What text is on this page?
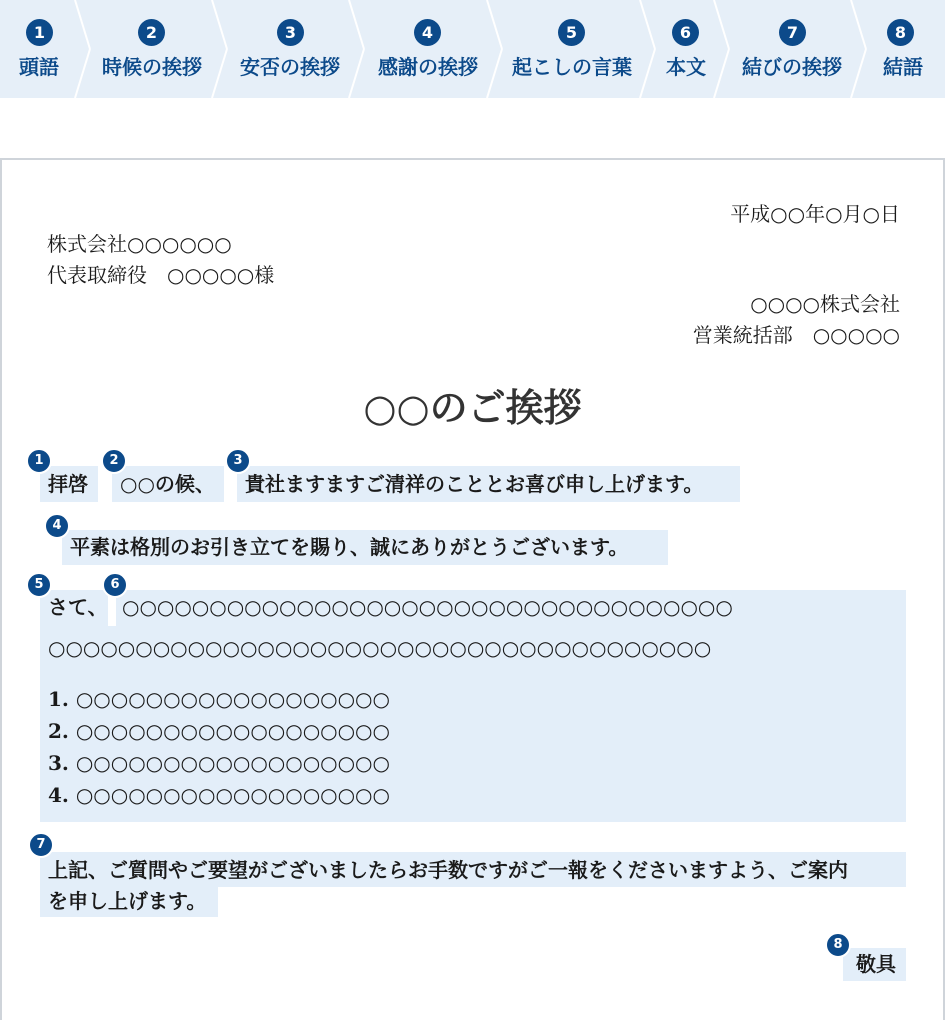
1
頭語
2
時候の挨拶
3
安否の挨拶
4
感謝の挨拶
5
起こしの言葉
6
本文
7
結びの挨拶
8
結語
平成○○年○月○日
株式会社○○○○○○
代表取締役　○○○○○様
○○○○株式会社
営業統括部　○○○○○
○○のご挨拶
拝啓
1
○○の候、
2
貴社ますますご清祥のこととお喜び申し上げます。
3
平素は格別のお引き立てを賜り、誠にありがとうございます。
4
さて、 ○○○○○○○○○○○○○○○○○○○○○○○○○○○○○○○○○○○
○○○○○○○○○○○○○○○○○○○○○○○○○○○○○○○○○○○○○○
1. ○○○○○○○○○○○○○○○○○○
2. ○○○○○○○○○○○○○○○○○○
3. ○○○○○○○○○○○○○○○○○○
4. ○○○○○○○○○○○○○○○○○○
5	6
上記、ご質問やご要望がございましたらお手数ですがご一報をくださいますよう、ご案内
を申し上げます。
7
敬具
8
